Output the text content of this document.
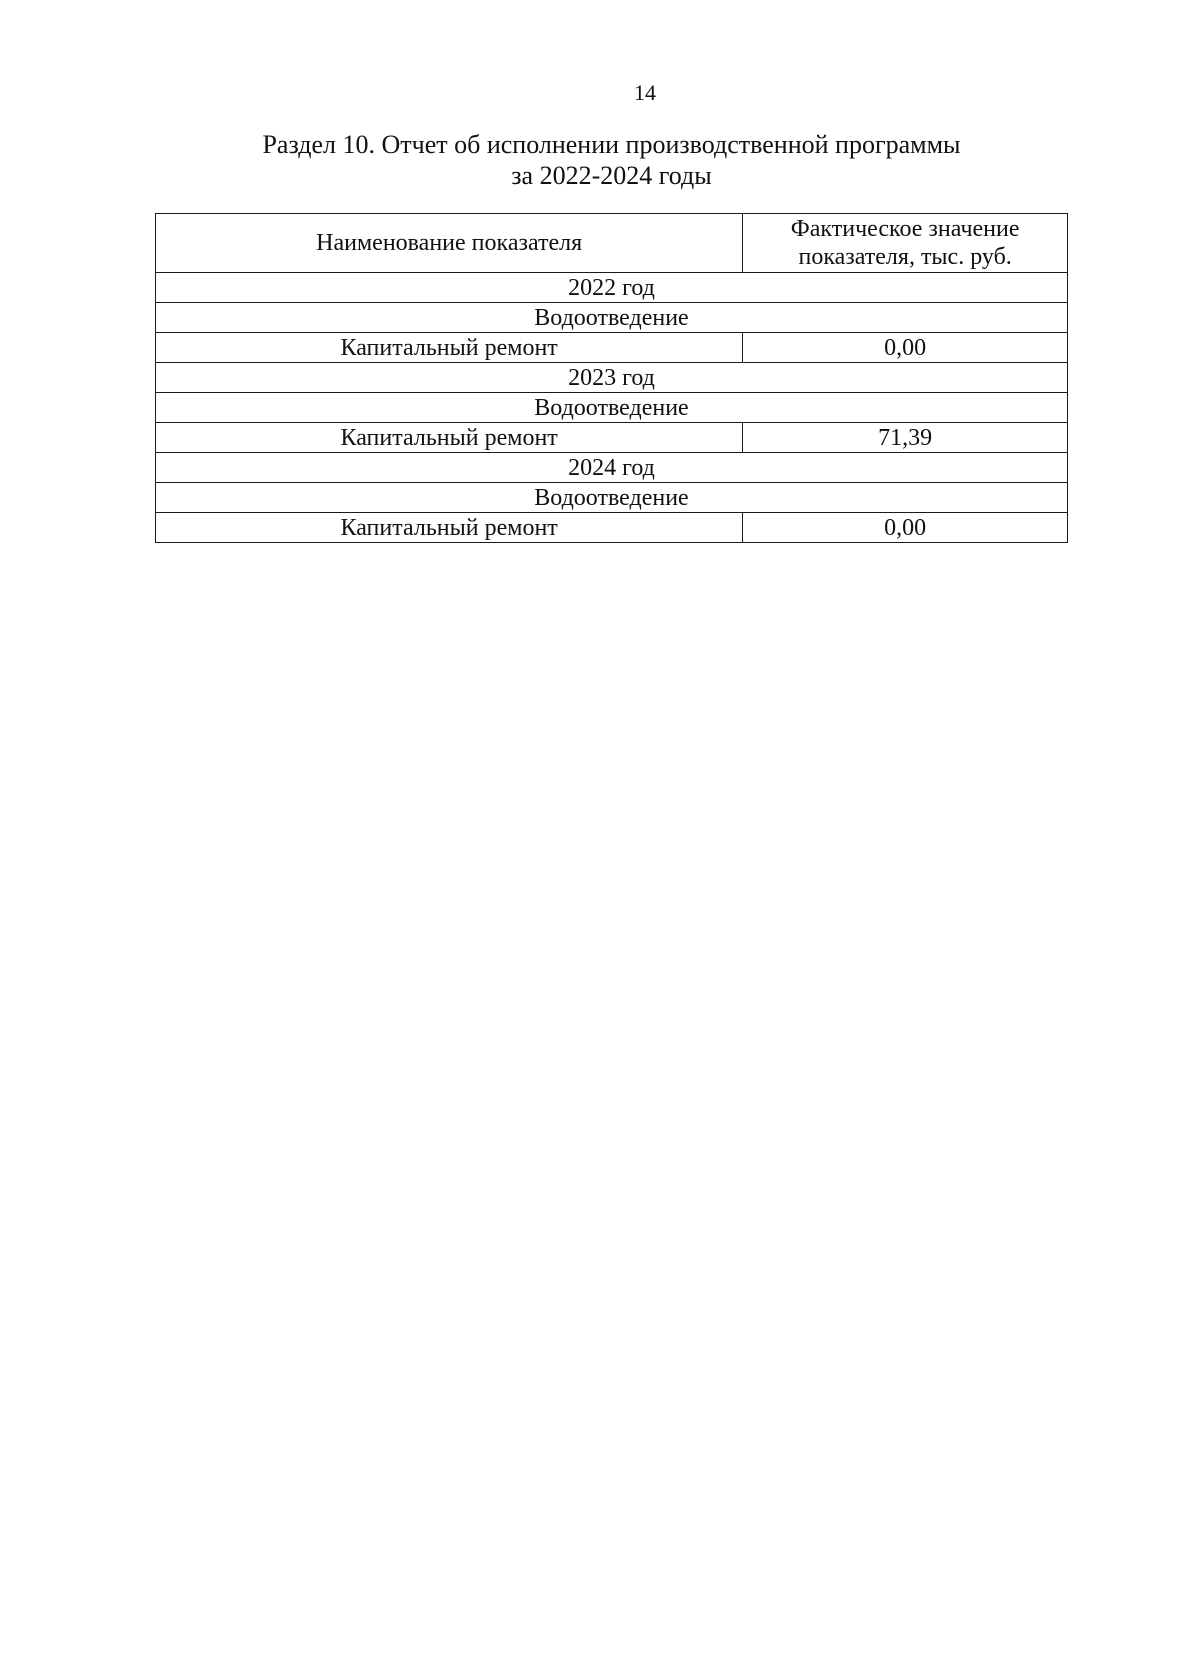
14
Раздел 10. Отчет об исполнении производственной программы
за 2022-2024 годы
Наименование показателя	Фактическое значение
показателя, тыс. руб.

2022 год	
Водоотведение	
Капитальный ремонт	0,00
2023 год	
Водоотведение	
Капитальный ремонт	71,39
2024 год	
Водоотведение	
Капитальный ремонт	0,00
